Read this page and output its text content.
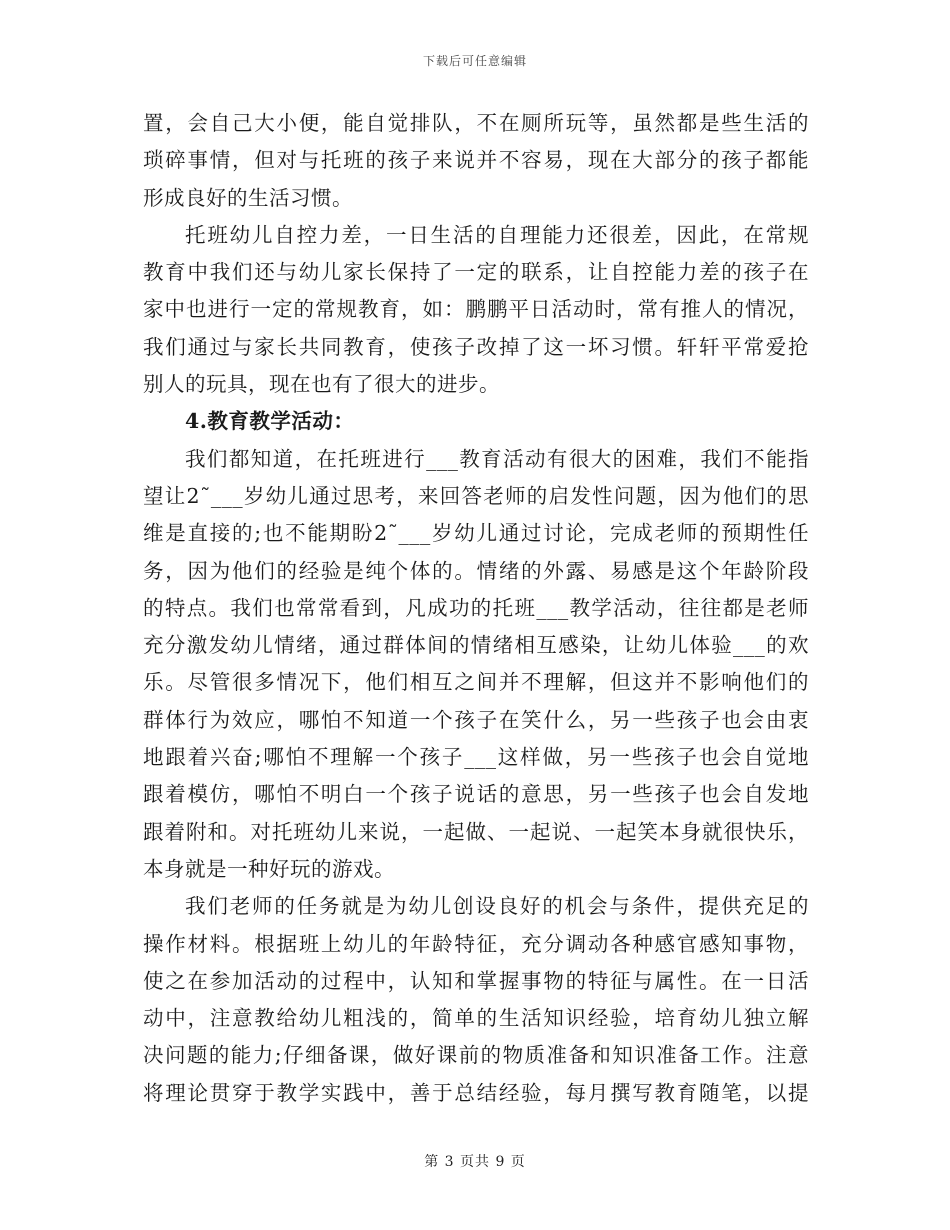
下载后可任意编辑
置，会自己大小便，能自觉排队，不在厕所玩等，虽然都是些生活的
琐碎事情，但对与托班的孩子来说并不容易，现在大部分的孩子都能
形成良好的生活习惯。
托班幼儿自控力差，一日生活的自理能力还很差，因此，在常规
教育中我们还与幼儿家长保持了一定的联系，让自控能力差的孩子在
家中也进行一定的常规教育，如：鹏鹏平日活动时，常有推人的情况，
我们通过与家长共同教育，使孩子改掉了这一坏习惯。轩轩平常爱抢
别人的玩具，现在也有了很大的进步。
4.教育教学活动：
我们都知道，在托班进行___教育活动有很大的困难，我们不能指
望让2˜___岁幼儿通过思考，来回答老师的启发性问题，因为他们的思
维是直接的;也不能期盼2˜___岁幼儿通过讨论，完成老师的预期性任
务，因为他们的经验是纯个体的。情绪的外露、易感是这个年龄阶段
的特点。我们也常常看到，凡成功的托班___教学活动，往往都是老师
充分激发幼儿情绪，通过群体间的情绪相互感染，让幼儿体验___的欢
乐。尽管很多情况下，他们相互之间并不理解，但这并不影响他们的
群体行为效应，哪怕不知道一个孩子在笑什么，另一些孩子也会由衷
地跟着兴奋;哪怕不理解一个孩子___这样做，另一些孩子也会自觉地
跟着模仿，哪怕不明白一个孩子说话的意思，另一些孩子也会自发地
跟着附和。对托班幼儿来说，一起做、一起说、一起笑本身就很快乐，
本身就是一种好玩的游戏。
我们老师的任务就是为幼儿创设良好的机会与条件，提供充足的
操作材料。根据班上幼儿的年龄特征，充分调动各种感官感知事物，
使之在参加活动的过程中，认知和掌握事物的特征与属性。在一日活
动中，注意教给幼儿粗浅的，简单的生活知识经验，培育幼儿独立解
决问题的能力;仔细备课，做好课前的物质准备和知识准备工作。注意
将理论贯穿于教学实践中，善于总结经验，每月撰写教育随笔，以提
第 3 页共 9 页
